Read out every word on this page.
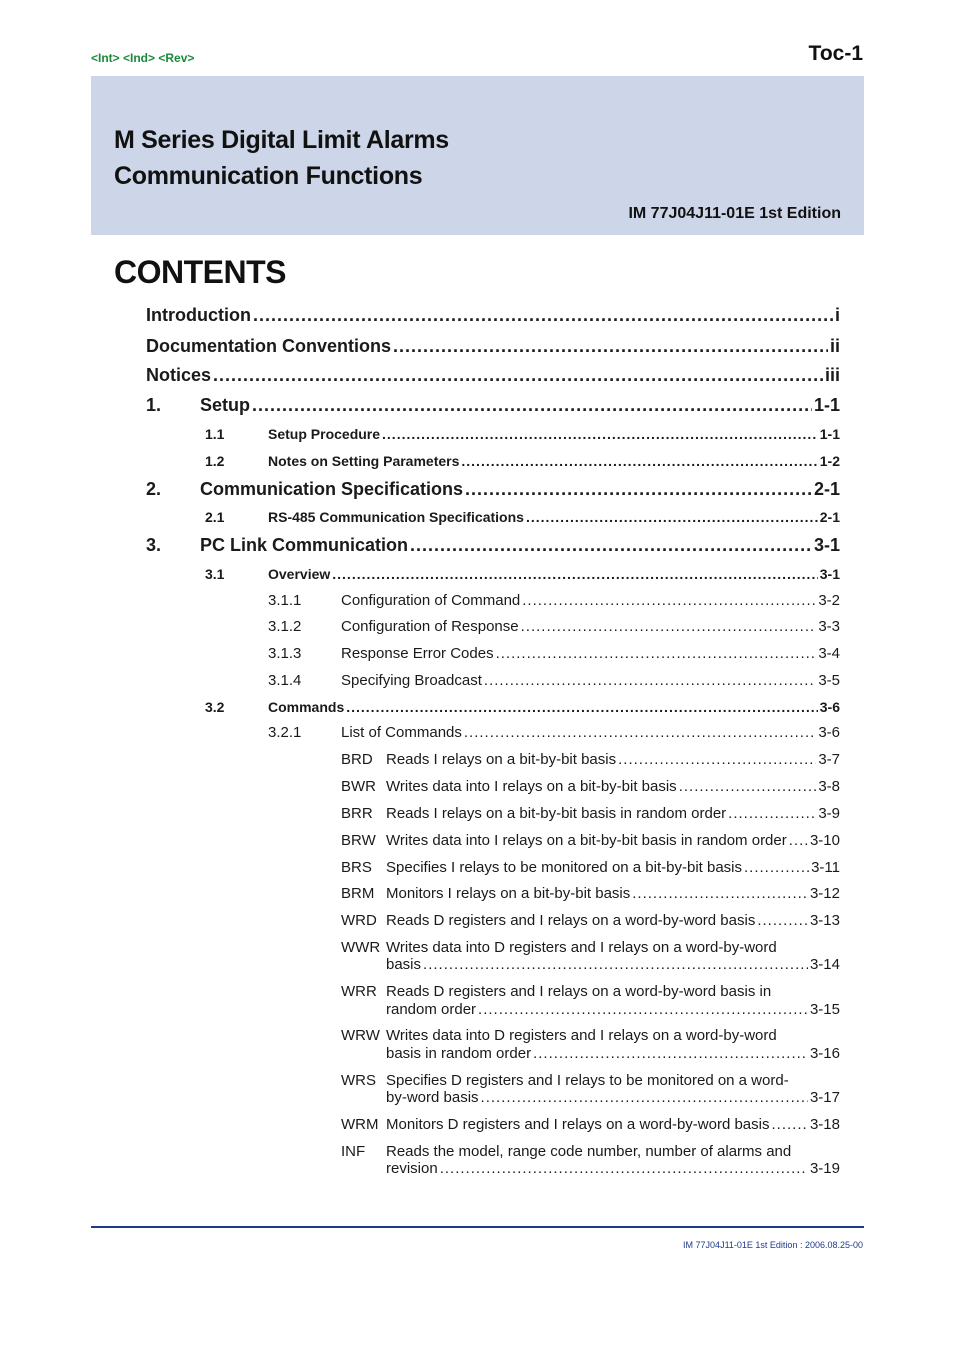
<Int> <Ind> <Rev>	Toc-1
M Series Digital Limit Alarms
Communication Functions
IM 77J04J11-01E 1st Edition
CONTENTS
Introduction .....	i
Documentation Conventions .....	ii
Notices .....	iii
1.	Setup .....	1-1
1.1	Setup Procedure .....	1-1
1.2	Notes on Setting Parameters .....	1-2
2.	Communication Specifications .....	2-1
2.1	RS-485 Communication Specifications .....	2-1
3.	PC Link Communication .....	3-1
3.1	Overview .....	3-1
3.1.1	Configuration of Command .....	3-2
3.1.2	Configuration of Response .....	3-3
3.1.3	Response Error Codes .....	3-4
3.1.4	Specifying Broadcast .....	3-5
3.2	Commands .....	3-6
3.2.1	List of Commands .....	3-6
BRD Reads I relays on a bit-by-bit basis .....	3-7
BWR Writes data into I relays on a bit-by-bit basis .....	3-8
BRR Reads I relays on a bit-by-bit basis in random order .....	3-9
BRW Writes data into I relays on a bit-by-bit basis in random order ..... 3-10
BRS Specifies I relays to be monitored on a bit-by-bit basis .....	3-11
BRM Monitors I relays on a bit-by-bit basis .....	3-12
WRD Reads D registers and I relays on a word-by-word basis .....	3-13
WWR Writes data into D registers and I relays on a word-by-word
basis .....	3-14
WRR Reads D registers and I relays on a word-by-word basis in
random order .....	3-15
WRW Writes data into D registers and I relays on a word-by-word
basis in random order .....	3-16
WRS Specifies D registers and I relays to be monitored on a word-
by-word basis .....	3-17
WRM Monitors D registers and I relays on a word-by-word basis .....	3-18
INF Reads the model, range code number, number of alarms and
revision .....	3-19
IM 77J04J11-01E 1st Edition : 2006.08.25-00
